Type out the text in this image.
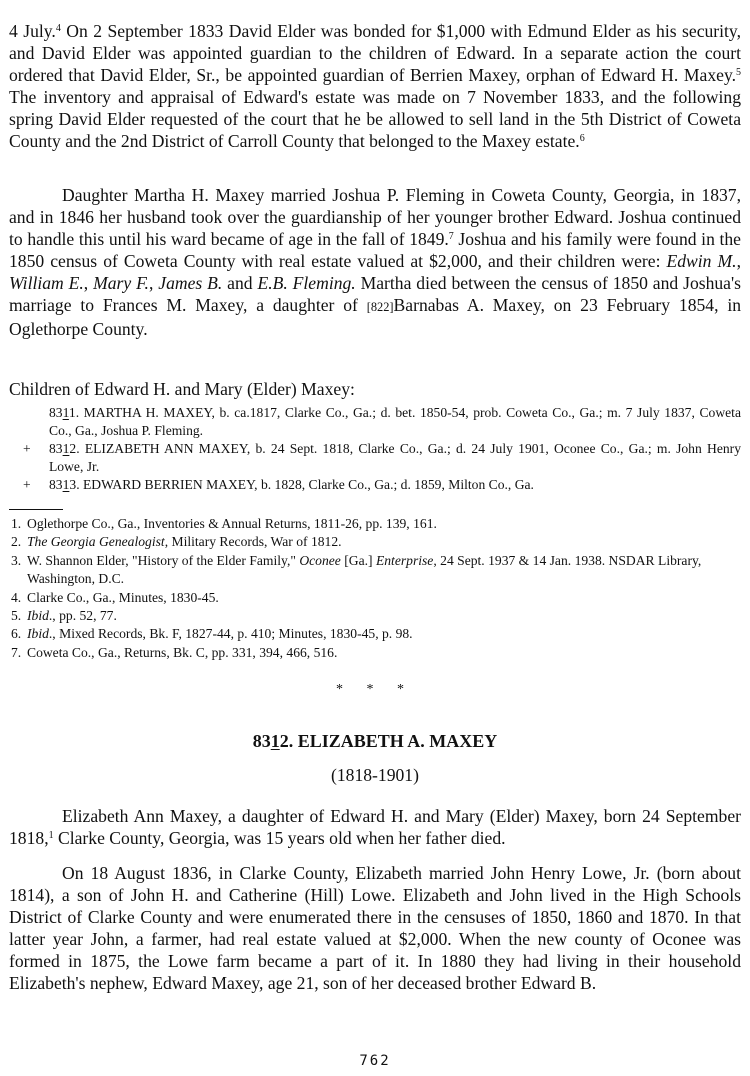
4 July.$^4$ On 2 September 1833 David Elder was bonded for $1,000 with Edmund Elder as his security, and David Elder was appointed guardian to the children of Edward. In a separate action the court ordered that David Elder, Sr., be appointed guardian of Berrien Maxey, orphan of Edward H. Maxey.$^5$ The inventory and appraisal of Edward's estate was made on 7 November 1833, and the following spring David Elder requested of the court that he be allowed to sell land in the 5th District of Coweta County and the 2nd District of Carroll County that belonged to the Maxey estate.$^6$

Daughter Martha H. Maxey married Joshua P. Fleming in Coweta County, Georgia, in 1837, and in 1846 her husband took over the guardianship of her younger brother Edward. Joshua continued to handle this until his ward became of age in the fall of 1849.$^7$ Joshua and his family were found in the 1850 census of Coweta County with real estate valued at $2,000, and their children were: Edwin M., William E., Mary F., James B. and E.B. Fleming. Martha died between the census of 1850 and Joshua's marriage to Frances M. Maxey, a daughter of [822]Barnabas A. Maxey, on 23 February 1854, in Oglethorpe County.

Children of Edward H. and Mary (Elder) Maxey:

8311. MARTHA H. MAXEY, b. ca.1817, Clarke Co., Ga.; d. bet. 1850-54, prob. Coweta Co., Ga.; m. 7 July 1837, Coweta Co., Ga., Joshua P. Fleming.

+	8312. ELIZABETH ANN MAXEY, b. 24 Sept. 1818, Clarke Co., Ga.; d. 24 July 1901, Oconee Co., Ga.; m. John Henry Lowe, Jr.

+	8313. EDWARD BERRIEN MAXEY, b. 1828, Clarke Co., Ga.; d. 1859, Milton Co., Ga.

1. Oglethorpe Co., Ga., Inventories & Annual Returns, 1811-26, pp. 139, 161.

2. The Georgia Genealogist, Military Records, War of 1812.

3. W. Shannon Elder, "History of the Elder Family," Oconee [Ga.] Enterprise, 24 Sept. 1937 & 14 Jan. 1938. NSDAR Library, Washington, D.C.

4. Clarke Co., Ga., Minutes, 1830-45.

5. Ibid., pp. 52, 77.

6. Ibid., Mixed Records, Bk. F, 1827-44, p. 410; Minutes, 1830-45, p. 98.

7. Coweta Co., Ga., Returns, Bk. C, pp. 331, 394, 466, 516.

* * *

8312. ELIZABETH A. MAXEY

(1818-1901)

Elizabeth Ann Maxey, a daughter of Edward H. and Mary (Elder) Maxey, born 24 September 1818,$^1$ Clarke County, Georgia, was 15 years old when her father died.

On 18 August 1836, in Clarke County, Elizabeth married John Henry Lowe, Jr. (born about 1814), a son of John H. and Catherine (Hill) Lowe. Elizabeth and John lived in the High Schools District of Clarke County and were enumerated there in the censuses of 1850, 1860 and 1870. In that latter year John, a farmer, had real estate valued at $2,000. When the new county of Oconee was formed in 1875, the Lowe farm became a part of it. In 1880 they had living in their household Elizabeth's nephew, Edward Maxey, age 21, son of her deceased brother Edward B.

762
